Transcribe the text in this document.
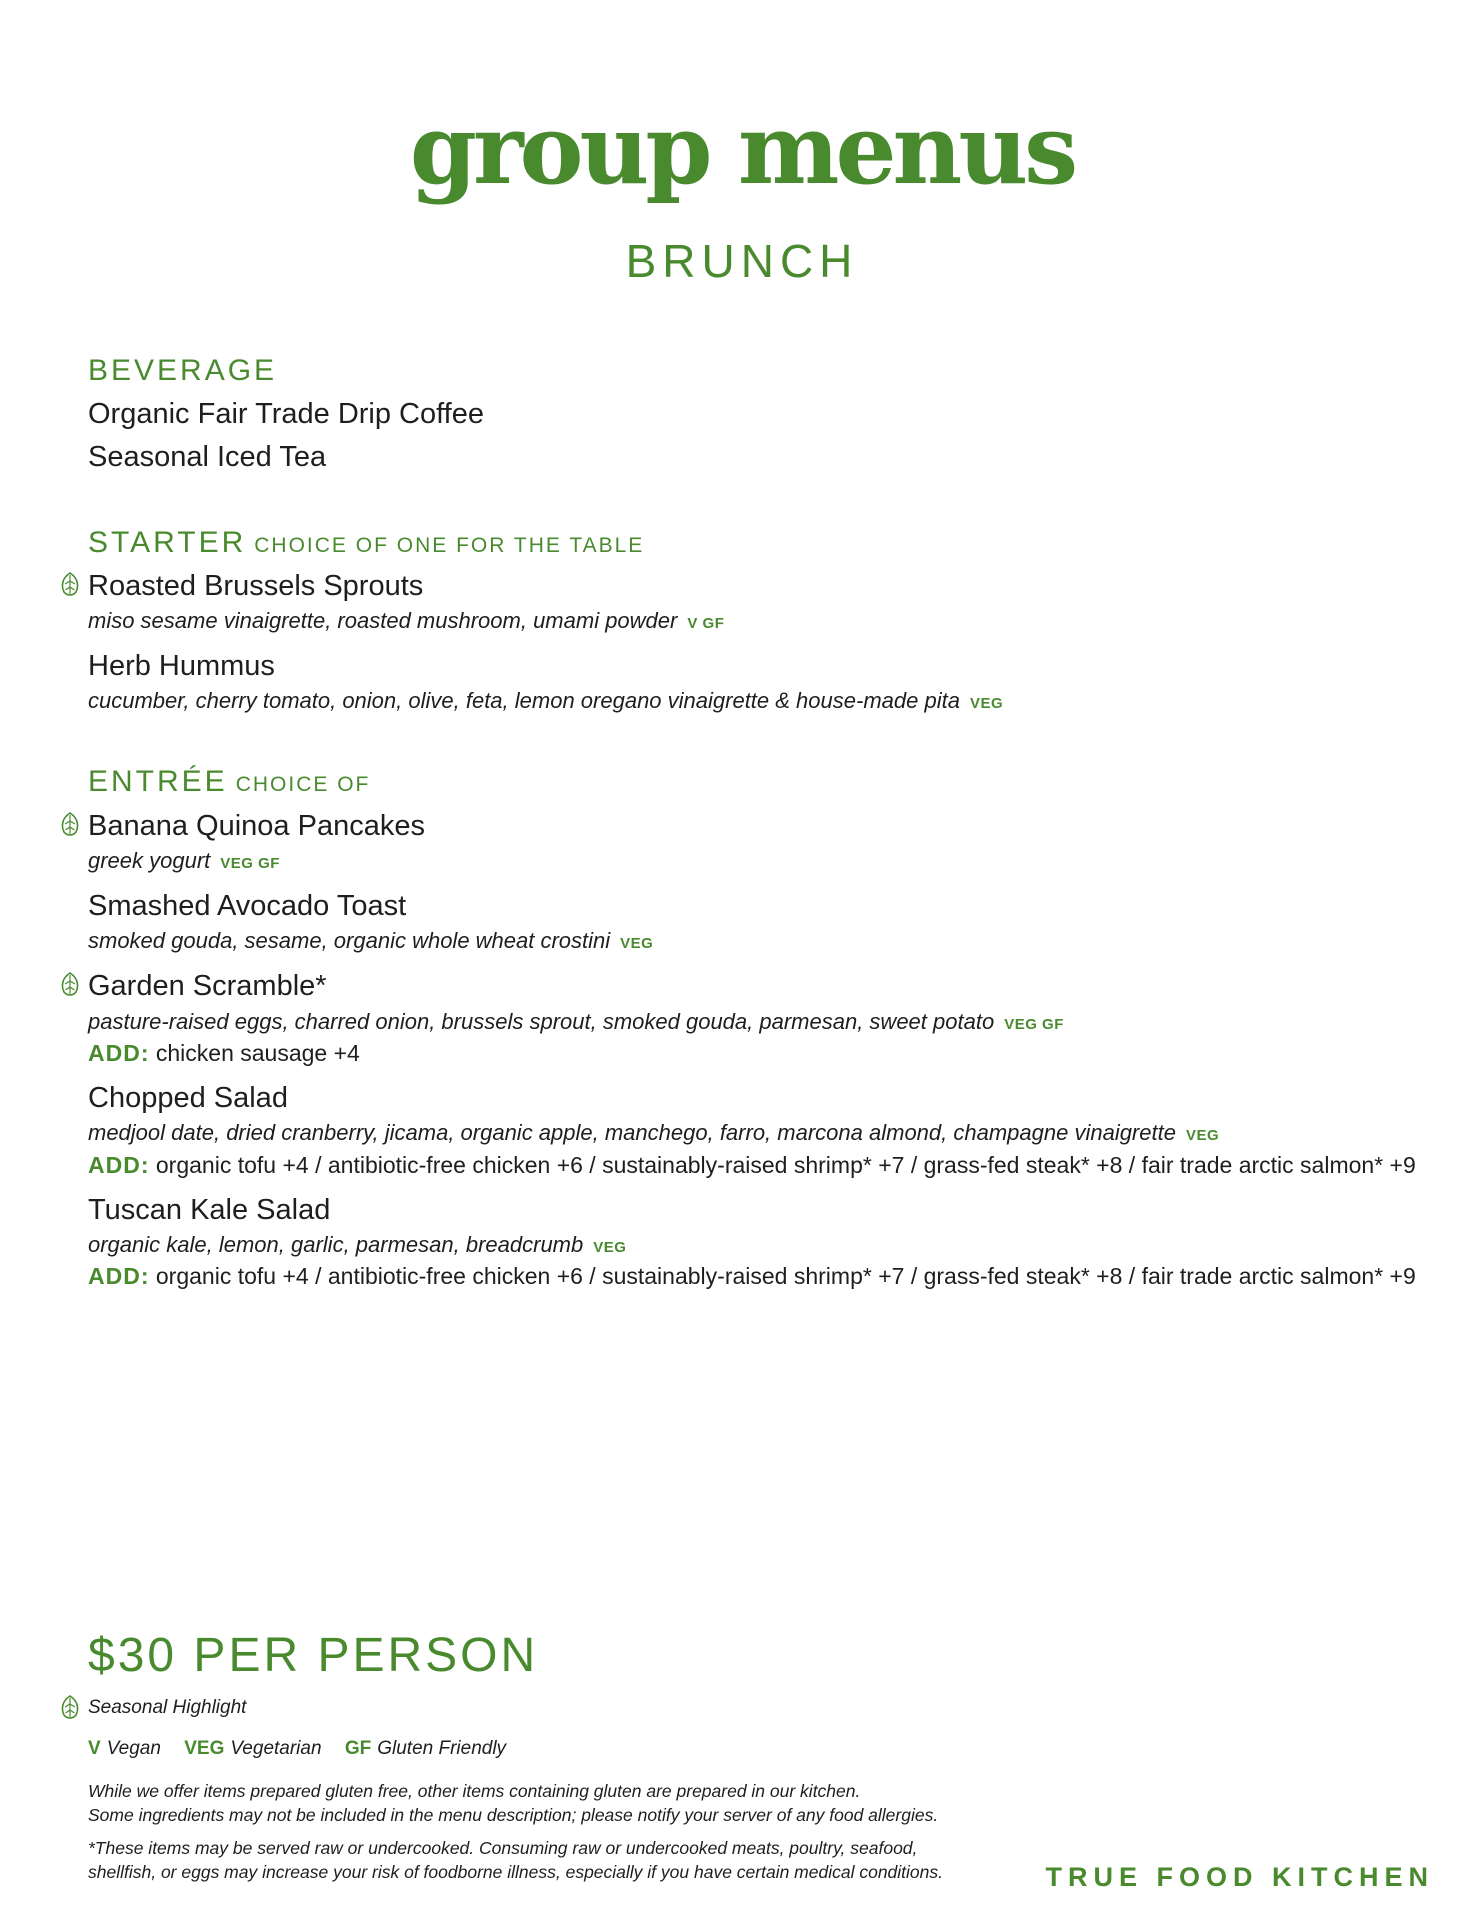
group menus
BRUNCH
BEVERAGE
Organic Fair Trade Drip Coffee
Seasonal Iced Tea
STARTER CHOICE OF ONE FOR THE TABLE
Roasted Brussels Sprouts
miso sesame vinaigrette, roasted mushroom, umami powder V GF
Herb Hummus
cucumber, cherry tomato, onion, olive, feta, lemon oregano vinaigrette & house-made pita VEG
ENTRÉE CHOICE OF
Banana Quinoa Pancakes
greek yogurt VEG GF
Smashed Avocado Toast
smoked gouda, sesame, organic whole wheat crostini VEG
Garden Scramble*
pasture-raised eggs, charred onion, brussels sprout, smoked gouda, parmesan, sweet potato VEG GF
ADD: chicken sausage +4
Chopped Salad
medjool date, dried cranberry, jicama, organic apple, manchego, farro, marcona almond, champagne vinaigrette VEG
ADD: organic tofu +4 / antibiotic-free chicken +6 / sustainably-raised shrimp* +7 / grass-fed steak* +8 / fair trade arctic salmon* +9
Tuscan Kale Salad
organic kale, lemon, garlic, parmesan, breadcrumb VEG
ADD: organic tofu +4 / antibiotic-free chicken +6 / sustainably-raised shrimp* +7 / grass-fed steak* +8 / fair trade arctic salmon* +9
$30 PER PERSON
Seasonal Highlight
V Vegan VEG Vegetarian GF Gluten Friendly
While we offer items prepared gluten free, other items containing gluten are prepared in our kitchen.
Some ingredients may not be included in the menu description; please notify your server of any food allergies.
*These items may be served raw or undercooked. Consuming raw or undercooked meats, poultry, seafood,
shellfish, or eggs may increase your risk of foodborne illness, especially if you have certain medical conditions.	TRUE FOOD KITCHEN
